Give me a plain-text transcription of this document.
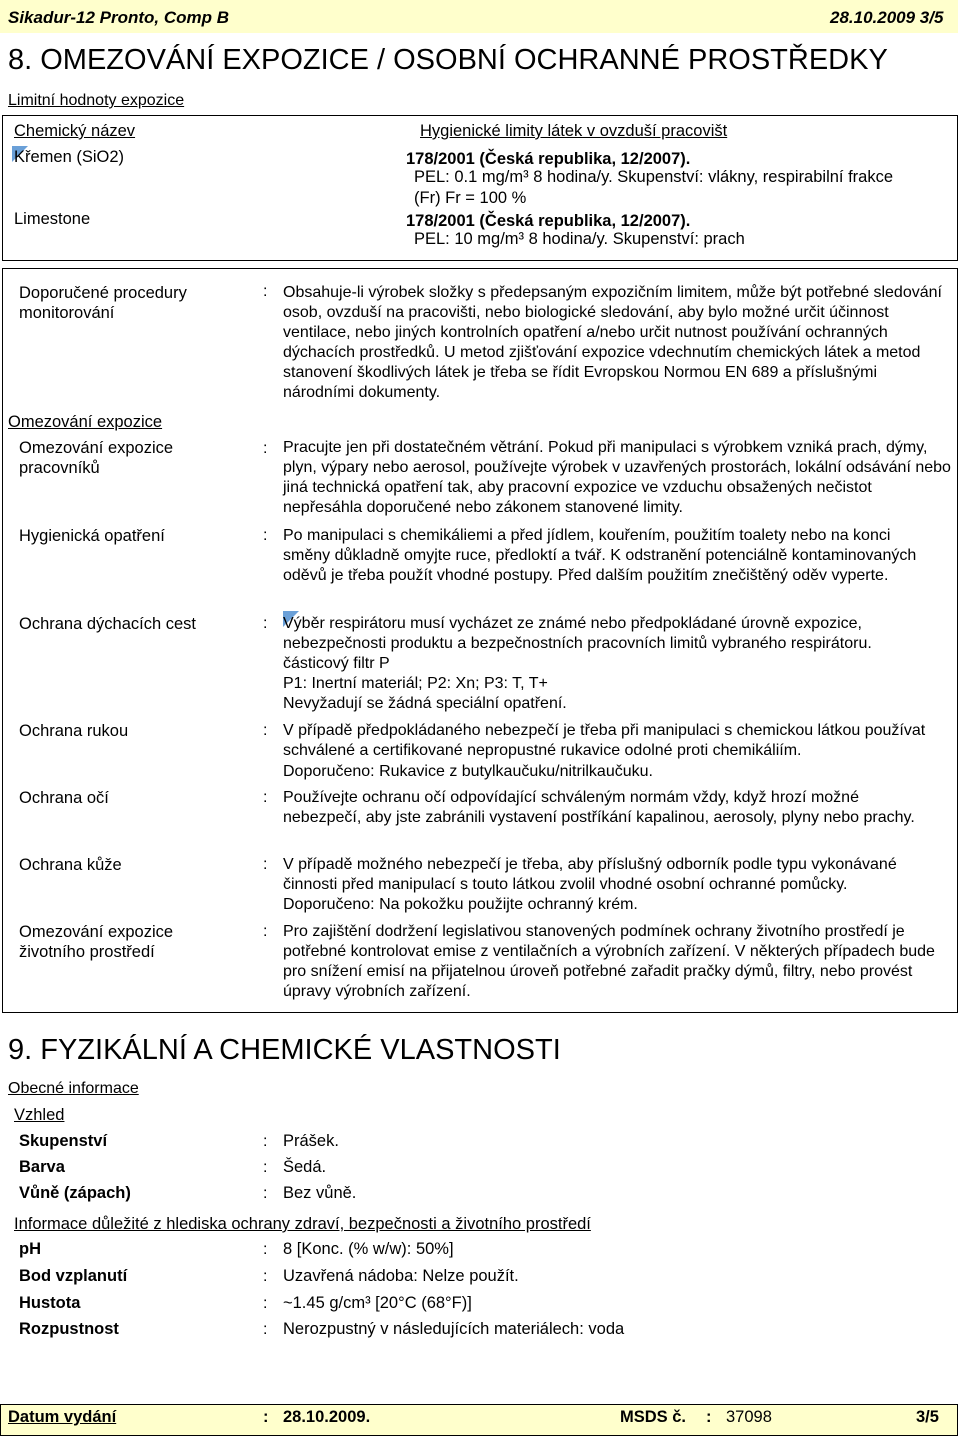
Sikadur-12 Pronto, Comp B	28.10.2009 3/5
8. OMEZOVÁNÍ EXPOZICE / OSOBNÍ OCHRANNÉ PROSTŘEDKY
Limitní hodnoty expozice
Chemický název	Hygienické limity látek v ovzduší pracovišt
Křemen (SiO2)	178/2001 (Česká republika, 12/2007).
PEL: 0.1 mg/m³ 8 hodina/y. Skupenství: vlákny, respirabilní frakce
(Fr) Fr = 100 %
Limestone	178/2001 (Česká republika, 12/2007).
PEL: 10 mg/m³ 8 hodina/y. Skupenství: prach
Doporučené procedury monitorování
: Obsahuje-li výrobek složky s předepsaným expozičním limitem, může být potřebné sledování osob, ovzduší na pracovišti, nebo biologické sledování, aby bylo možné určit účinnost ventilace, nebo jiných kontrolních opatření a/nebo určit nutnost používání ochranných dýchacích prostředků. U metod zjišťování expozice vdechnutím chemických látek a metod stanovení škodlivých látek je třeba se řídit Evropskou Normou EN 689 a příslušnými národními dokumenty.
Omezování expozice
Omezování expozice pracovníků
: Pracujte jen při dostatečném větrání. Pokud při manipulaci s výrobkem vzniká prach, dýmy, plyn, výpary nebo aerosol, používejte výrobek v uzavřených prostorách, lokální odsávání nebo jiná technická opatření tak, aby pracovní expozice ve vzduchu obsažených nečistot nepřesáhla doporučené nebo zákonem stanovené limity.
Hygienická opatření	: Po manipulaci s chemikáliemi a před jídlem, kouřením, použitím toalety nebo na konci směny důkladně omyjte ruce, předloktí a tvář. K odstranění potenciálně kontaminovaných oděvů je třeba použít vhodné postupy. Před dalším použitím znečištěný oděv vyperte.
Ochrana dýchacích cest	: Výběr respirátoru musí vycházet ze známé nebo předpokládané úrovně expozice, nebezpečnosti produktu a bezpečnostních pracovních limitů vybraného respirátoru.
částicový filtr P
P1: Inertní materiál; P2: Xn; P3: T, T+
Nevyžadují se žádná speciální opatření.
Ochrana rukou	: V případě předpokládaného nebezpečí je třeba při manipulaci s chemickou látkou používat schválené a certifikované nepropustné rukavice odolné proti chemikáliím.
Doporučeno: Rukavice z butylkaučuku/nitrilkaučuku.
Ochrana očí	: Používejte ochranu očí odpovídající schváleným normám vždy, když hrozí možné nebezpečí, aby jste zabránili vystavení postříkání kapalinou, aerosoly, plyny nebo prachy.
Ochrana kůže	: V případě možného nebezpečí je třeba, aby příslušný odborník podle typu vykonávané činnosti před manipulací s touto látkou zvolil vhodné osobní ochranné pomůcky. Doporučeno: Na pokožku použijte ochranný krém.
Omezování expozice životního prostředí
: Pro zajištění dodržení legislativou stanovených podmínek ochrany životního prostředí je potřebné kontrolovat emise z ventilačních a výrobních zařízení. V některých případech bude pro snížení emisí na přijatelnou úroveň potřebné zařadit pračky dýmů, filtry, nebo provést úpravy výrobních zařízení.
9. FYZIKÁLNÍ A CHEMICKÉ VLASTNOSTI
Obecné informace
Vzhled
Skupenství	: Prášek.
Barva	: Šedá.
Vůně (zápach)	: Bez vůně.
Informace důležité z hlediska ochrany zdraví, bezpečnosti a životního prostředí
pH	: 8 [Konc. (% w/w): 50%]
Bod vzplanutí	: Uzavřená nádoba: Nelze použít.
Hustota	: ~1.45 g/cm³ [20°C (68°F)]
Rozpustnost	: Nerozpustný v následujících materiálech: voda
Datum vydání	: 28.10.2009.	MSDS č. : 37098	3/5
